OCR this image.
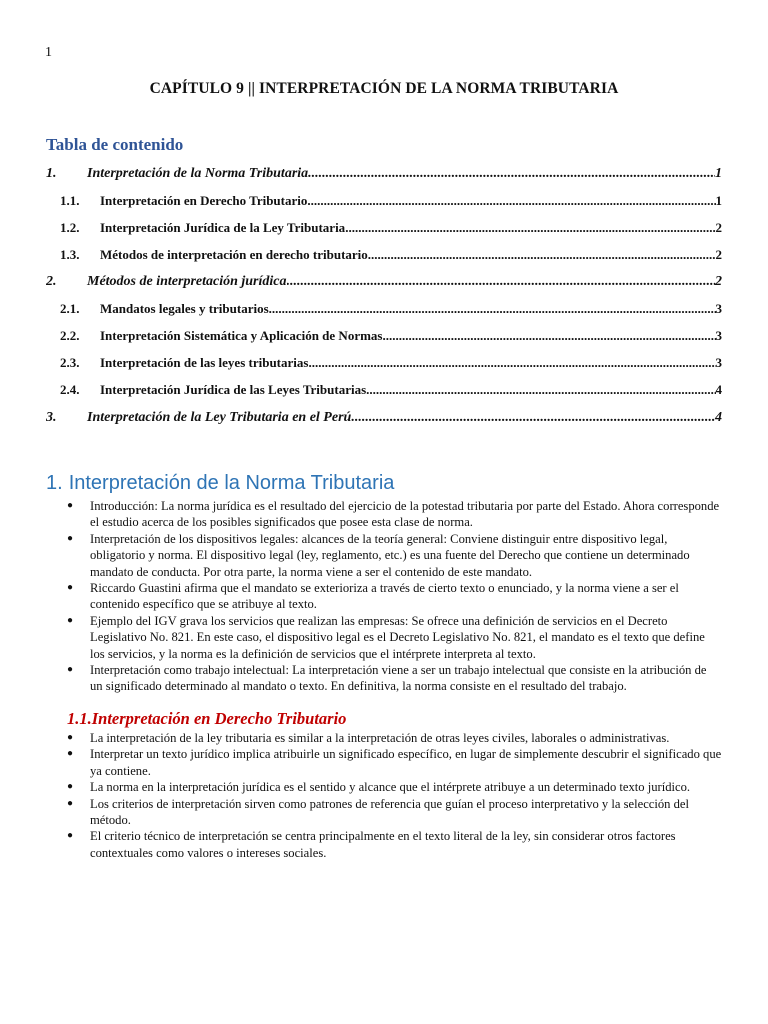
1
CAPÍTULO 9 || INTERPRETACIÓN DE LA NORMA TRIBUTARIA
Tabla de contenido
1.	Interpretación de la Norma Tributaria .....	1
1.1.	Interpretación en Derecho Tributario .....	1
1.2.	Interpretación Jurídica de la Ley Tributaria .....	2
1.3.	Métodos de interpretación en derecho tributario .....	2
2.	Métodos de interpretación jurídica .....	2
2.1.	Mandatos legales y tributarios .....	3
2.2.	Interpretación Sistemática y Aplicación de Normas .....	3
2.3.	Interpretación de las leyes tributarias .....	3
2.4.	Interpretación Jurídica de las Leyes Tributarias .....	4
3.	Interpretación de la Ley Tributaria en el Perú .....	4
1. Interpretación de la Norma Tributaria
● Introducción: La norma jurídica es el resultado del ejercicio de la potestad tributaria por parte del Estado. Ahora corresponde el estudio acerca de los posibles significados que posee esta clase de norma.
● Interpretación de los dispositivos legales: alcances de la teoría general: Conviene distinguir entre dispositivo legal, obligatorio y norma. El dispositivo legal (ley, reglamento, etc.) es una fuente del Derecho que contiene un determinado mandato de conducta. Por otra parte, la norma viene a ser el contenido de este mandato.
● Riccardo Guastini afirma que el mandato se exterioriza a través de cierto texto o enunciado, y la norma viene a ser el contenido específico que se atribuye al texto.
● Ejemplo del IGV grava los servicios que realizan las empresas: Se ofrece una definición de servicios en el Decreto Legislativo No. 821. En este caso, el dispositivo legal es el Decreto Legislativo No. 821, el mandato es el texto que define los servicios, y la norma es la definición de servicios que el intérprete interpreta al texto.
● Interpretación como trabajo intelectual: La interpretación viene a ser un trabajo intelectual que consiste en la atribución de un significado determinado al mandato o texto. En definitiva, la norma consiste en el resultado del trabajo.
1.1.Interpretación en Derecho Tributario
● La interpretación de la ley tributaria es similar a la interpretación de otras leyes civiles, laborales o administrativas.
● Interpretar un texto jurídico implica atribuirle un significado específico, en lugar de simplemente descubrir el significado que ya contiene.
● La norma en la interpretación jurídica es el sentido y alcance que el intérprete atribuye a un determinado texto jurídico.
● Los criterios de interpretación sirven como patrones de referencia que guían el proceso interpretativo y la selección del método.
● El criterio técnico de interpretación se centra principalmente en el texto literal de la ley, sin considerar otros factores contextuales como valores o intereses sociales.
